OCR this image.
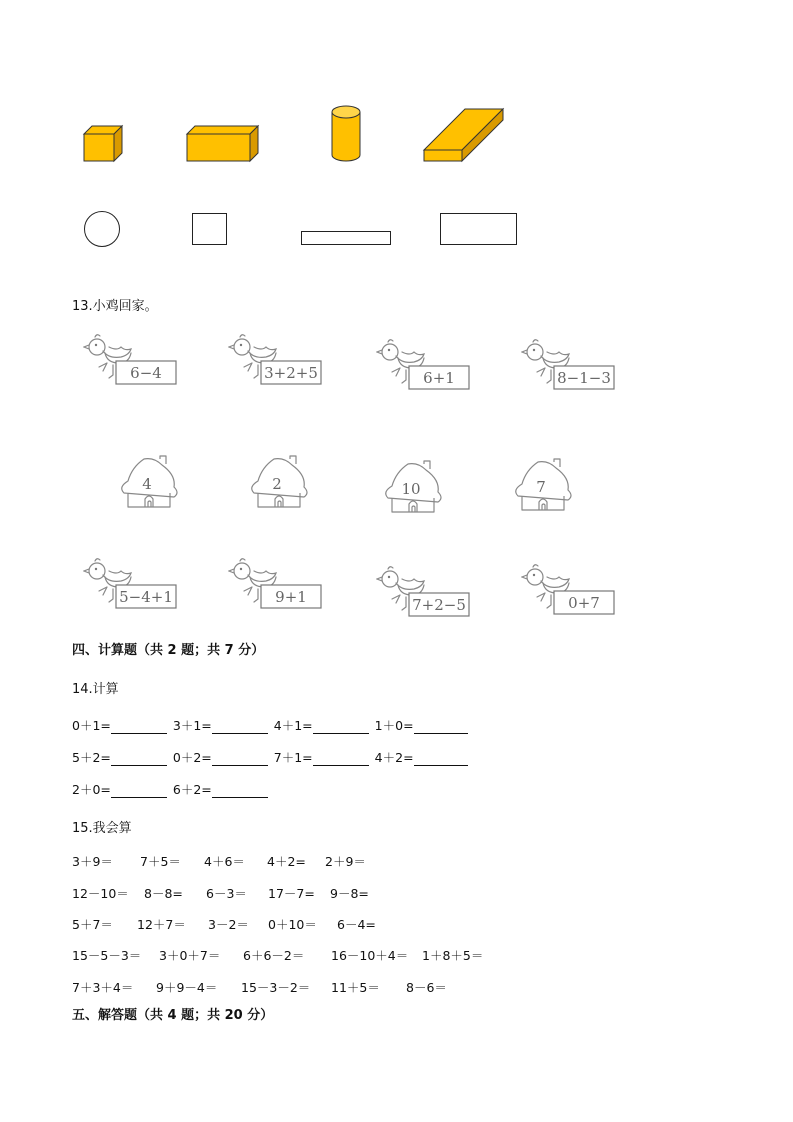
13.小鸡回家。
6−4	3+2+5	6+1	8−1−3
4	2	10	7
5−4+1	9+1	7+2−5	0+7
四、计算题（共 2 题；共 7 分）
14.计算
0＋1=	3＋1=	4＋1=	1＋0=
5＋2=	0＋2=	7＋1=	4＋2=
2＋0=	6＋2=
15.我会算
3＋9＝ 7＋5＝ 4＋6＝ 4＋2= 2＋9＝
12－10＝ 8－8= 6－3＝ 17－7= 9－8=
5＋7＝ 12＋7＝ 3－2＝ 0＋10＝ 6－4=
15－5－3＝ 3＋0＋7＝ 6＋6－2＝ 16－10＋4＝ 1＋8＋5＝
7＋3＋4＝ 9＋9－4＝ 15－3－2＝ 11＋5＝ 8－6＝
五、解答题（共 4 题；共 20 分）
